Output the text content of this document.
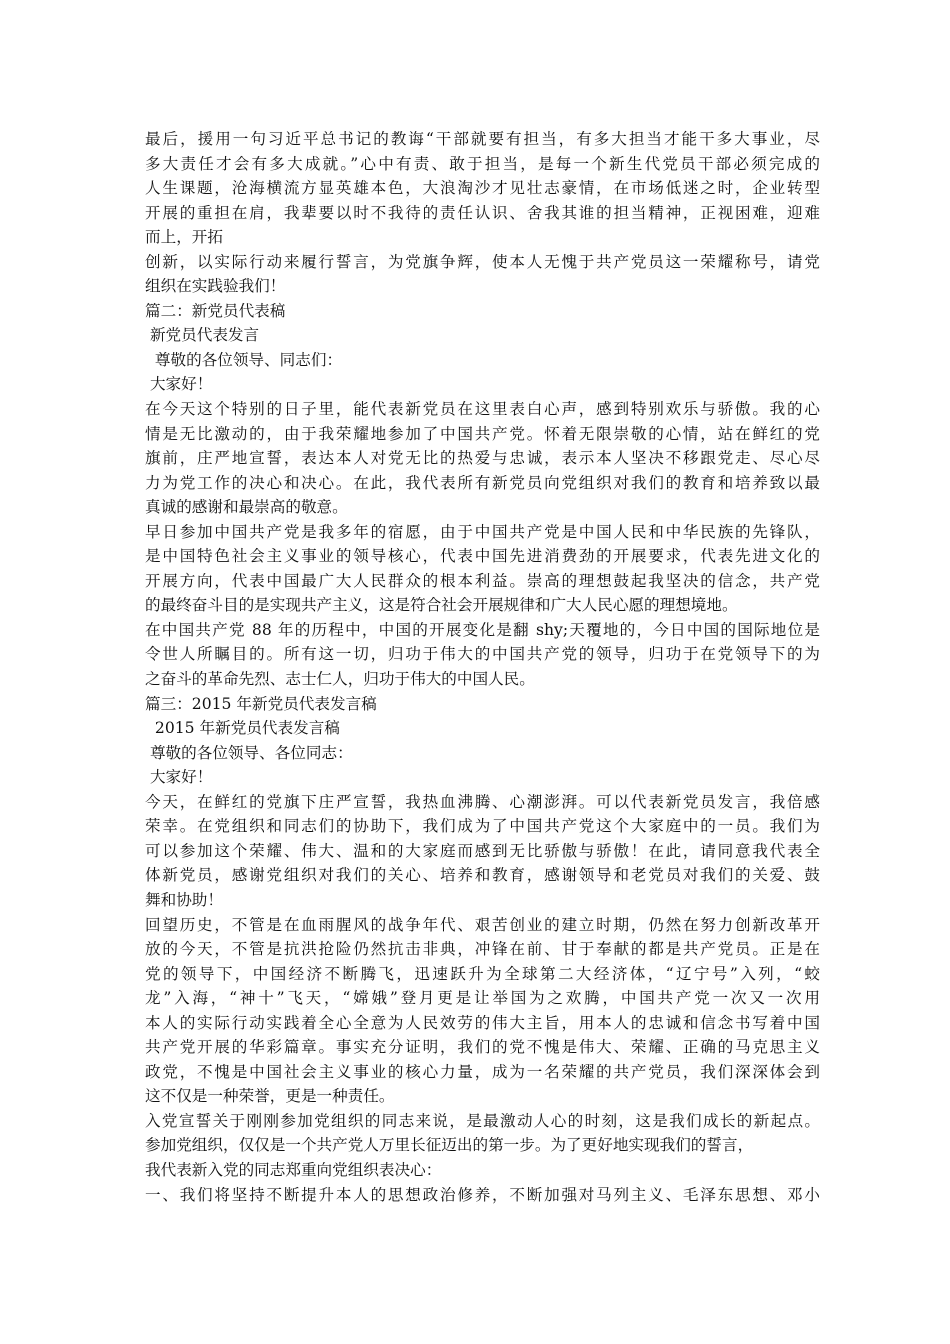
最后，援用一句习近平总书记的教诲“干部就要有担当，有多大担当才能干多大事业，尽
多大责任才会有多大成就。”心中有责、敢于担当，是每一个新生代党员干部必须完成的
人生课题，沧海横流方显英雄本色，大浪淘沙才见壮志豪情，在市场低迷之时，企业转型
开展的重担在肩，我辈要以时不我待的责任认识、舍我其谁的担当精神，正视困难，迎难
而上，开拓
创新，以实际行动来履行誓言，为党旗争辉，使本人无愧于共产党员这一荣耀称号，请党
组织在实践验我们！
篇二：新党员代表稿
新党员代表发言
尊敬的各位领导、同志们：
大家好！
在今天这个特别的日子里，能代表新党员在这里表白心声，感到特别欢乐与骄傲。我的心
情是无比激动的，由于我荣耀地参加了中国共产党。怀着无限崇敬的心情，站在鲜红的党
旗前，庄严地宣誓，表达本人对党无比的热爱与忠诚，表示本人坚决不移跟党走、尽心尽
力为党工作的决心和决心。在此，我代表所有新党员向党组织对我们的教育和培养致以最
真诚的感谢和最崇高的敬意。
早日参加中国共产党是我多年的宿愿，由于中国共产党是中国人民和中华民族的先锋队，
是中国特色社会主义事业的领导核心，代表中国先进消费劲的开展要求，代表先进文化的
开展方向，代表中国最广大人民群众的根本利益。崇高的理想鼓起我坚决的信念，共产党
的最终奋斗目的是实现共产主义，这是符合社会开展规律和广大人民心愿的理想境地。
在中国共产党 88 年的历程中，中国的开展变化是翻 shy;天覆地的，今日中国的国际地位是
令世人所瞩目的。所有这一切，归功于伟大的中国共产党的领导，归功于在党领导下的为
之奋斗的革命先烈、志士仁人，归功于伟大的中国人民。
篇三：2015 年新党员代表发言稿
2015 年新党员代表发言稿
尊敬的各位领导、各位同志：
大家好！
今天，在鲜红的党旗下庄严宣誓，我热血沸腾、心潮澎湃。可以代表新党员发言，我倍感
荣幸。在党组织和同志们的协助下，我们成为了中国共产党这个大家庭中的一员。我们为
可以参加这个荣耀、伟大、温和的大家庭而感到无比骄傲与骄傲！在此，请同意我代表全
体新党员，感谢党组织对我们的关心、培养和教育，感谢领导和老党员对我们的关爱、鼓
舞和协助！
回望历史，不管是在血雨腥风的战争年代、艰苦创业的建立时期，仍然在努力创新改革开
放的今天，不管是抗洪抢险仍然抗击非典，冲锋在前、甘于奉献的都是共产党员。正是在
党的领导下，中国经济不断腾飞，迅速跃升为全球第二大经济体，“辽宁号”入列，“蛟
龙”入海，“神十”飞天，“嫦娥”登月更是让举国为之欢腾，中国共产党一次又一次用
本人的实际行动实践着全心全意为人民效劳的伟大主旨，用本人的忠诚和信念书写着中国
共产党开展的华彩篇章。事实充分证明，我们的党不愧是伟大、荣耀、正确的马克思主义
政党，不愧是中国社会主义事业的核心力量，成为一名荣耀的共产党员，我们深深体会到
这不仅是一种荣誉，更是一种责任。
入党宣誓关于刚刚参加党组织的同志来说，是最激动人心的时刻，这是我们成长的新起点。
参加党组织，仅仅是一个共产党人万里长征迈出的第一步。为了更好地实现我们的誓言，
我代表新入党的同志郑重向党组织表决心：
一、我们将坚持不断提升本人的思想政治修养，不断加强对马列主义、毛泽东思想、邓小
